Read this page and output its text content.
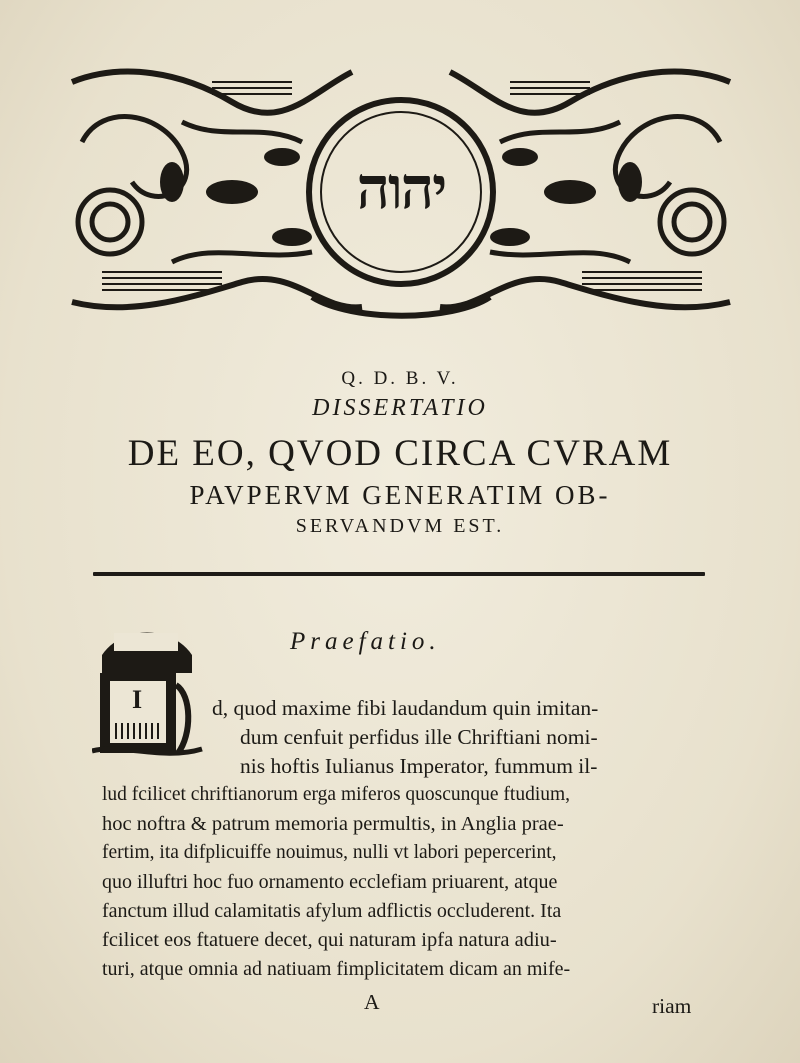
יהוה
Q. D. B. V.
DISSERTATIO
DE EO, QVOD CIRCA CVRAM
PAVPERVM GENERATIM OB-
SERVANDVM EST.
Praefatio.
I	d, quod maxime fibi laudandum quin imitan-
dum cenfuit perfidus ille Chriftiani nomi-
nis hoftis Iulianus Imperator, fummum il-
lud fcilicet chriftianorum erga miferos quoscunque ftudium,
hoc noftra & patrum memoria permultis, in Anglia prae-
fertim, ita difplicuiffe nouimus, nulli vt labori pepercerint,
quo illuftri hoc fuo ornamento ecclefiam priuarent, atque
fanctum illud calamitatis afylum adflictis occluderent. Ita
fcilicet eos ftatuere decet, qui naturam ipfa natura adiu-
turi, atque omnia ad natiuam fimplicitatem dicam an mife-
A	riam
